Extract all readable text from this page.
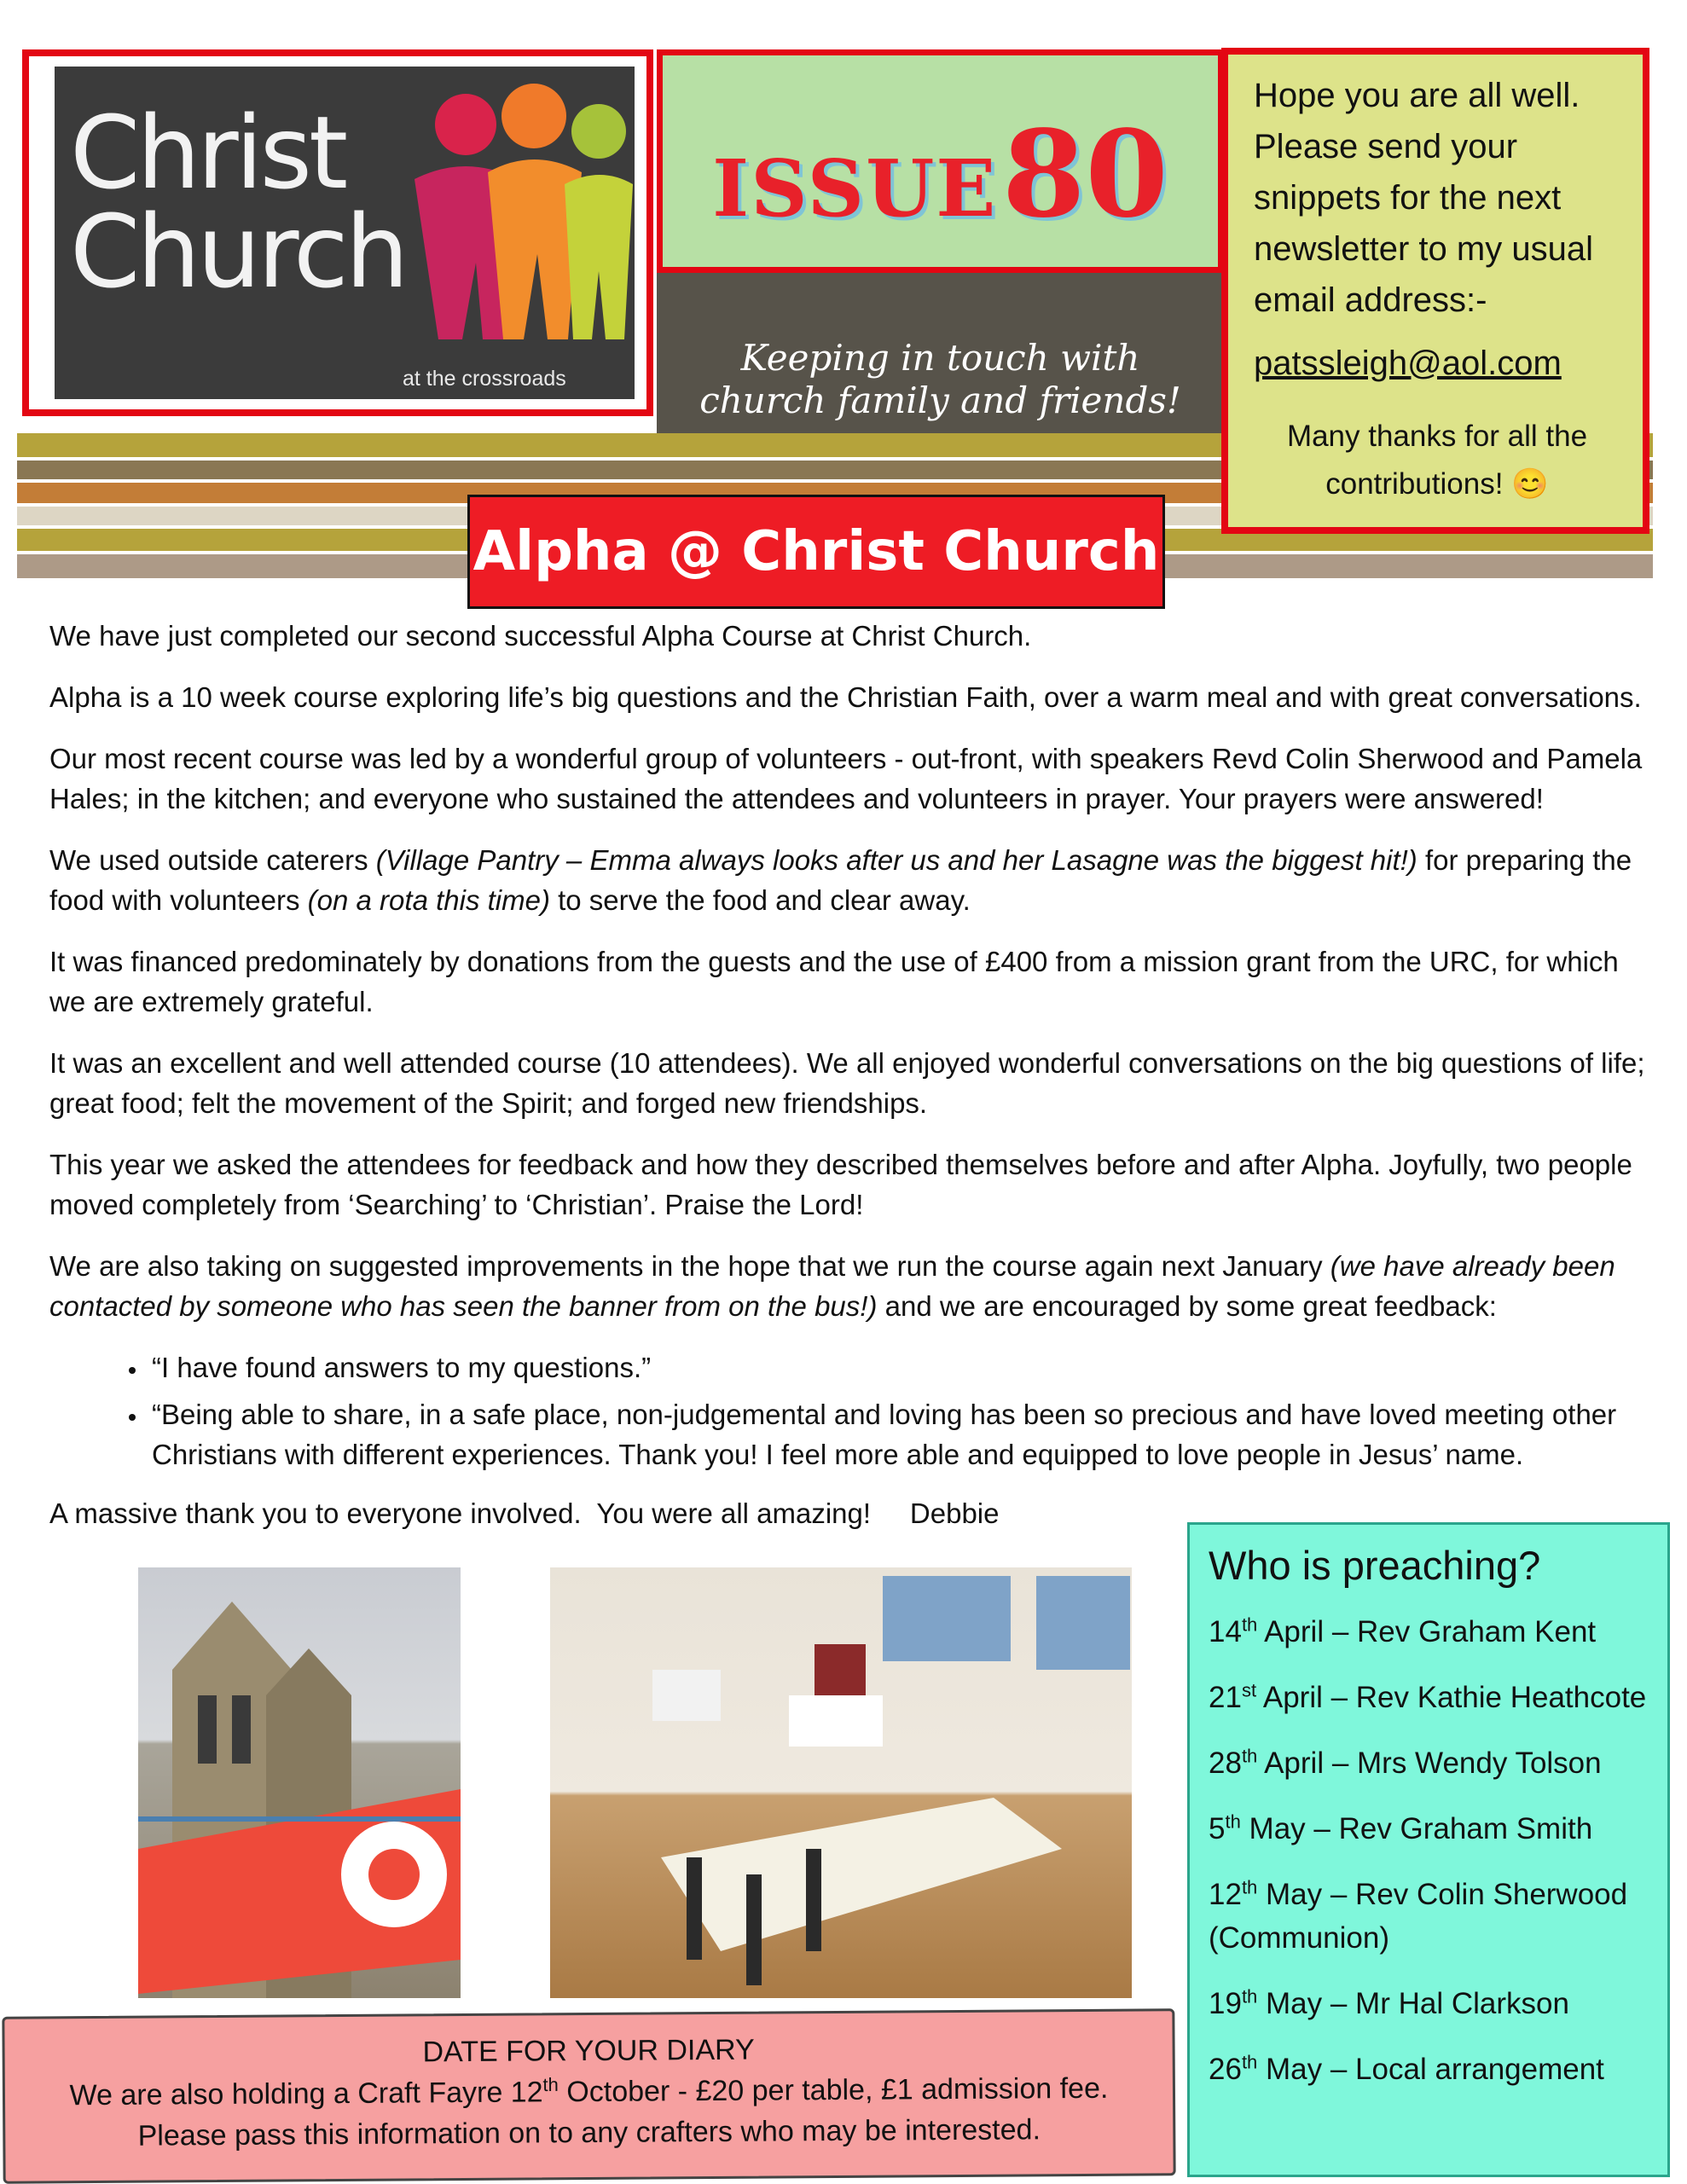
Christ
Church
at the crossroads
ISSUE 80
Keeping in touch with
church family and friends!
Hope you are all well. Please send your snippets for the next newsletter to my usual email address:-
patssleigh@aol.com
Many thanks for all the contributions! 😊
Alpha @ Christ Church

We have just completed our second successful Alpha Course at Christ Church.

Alpha is a 10 week course exploring life’s big questions and the Christian Faith, over a warm meal and with great conversations.

Our most recent course was led by a wonderful group of volunteers - out-front, with speakers Revd Colin Sherwood and Pamela Hales; in the kitchen; and everyone who sustained the attendees and volunteers in prayer. Your prayers were answered!

We used outside caterers (Village Pantry – Emma always looks after us and her Lasagne was the biggest hit!) for preparing the food with volunteers (on a rota this time) to serve the food and clear away.

It was financed predominately by donations from the guests and the use of £400 from a mission grant from the URC, for which we are extremely grateful.

It was an excellent and well attended course (10 attendees). We all enjoyed wonderful conversations on the big questions of life; great food; felt the movement of the Spirit; and forged new friendships.

This year we asked the attendees for feedback and how they described themselves before and after Alpha. Joyfully, two people moved completely from ‘Searching’ to ‘Christian’. Praise the Lord!

We are also taking on suggested improvements in the hope that we run the course again next January (we have already been contacted by someone who has seen the banner from on the bus!) and we are encouraged by some great feedback:

• “I have found answers to my questions.”
• “Being able to share, in a safe place, non-judgemental and loving has been so precious and have loved meeting other Christians with different experiences. Thank you! I feel more able and equipped to love people in Jesus’ name.

A massive thank you to everyone involved.  You were all amazing!     Debbie

Who is preaching?
14th April – Rev Graham Kent
21st April – Rev Kathie Heathcote
28th April – Mrs Wendy Tolson
5th May – Rev Graham Smith
12th May – Rev Colin Sherwood (Communion)
19th May – Mr Hal Clarkson
26th May – Local arrangement
DATE FOR YOUR DIARY
We are also holding a Craft Fayre 12th October - £20 per table, £1 admission fee.
Please pass this information on to any crafters who may be interested.
